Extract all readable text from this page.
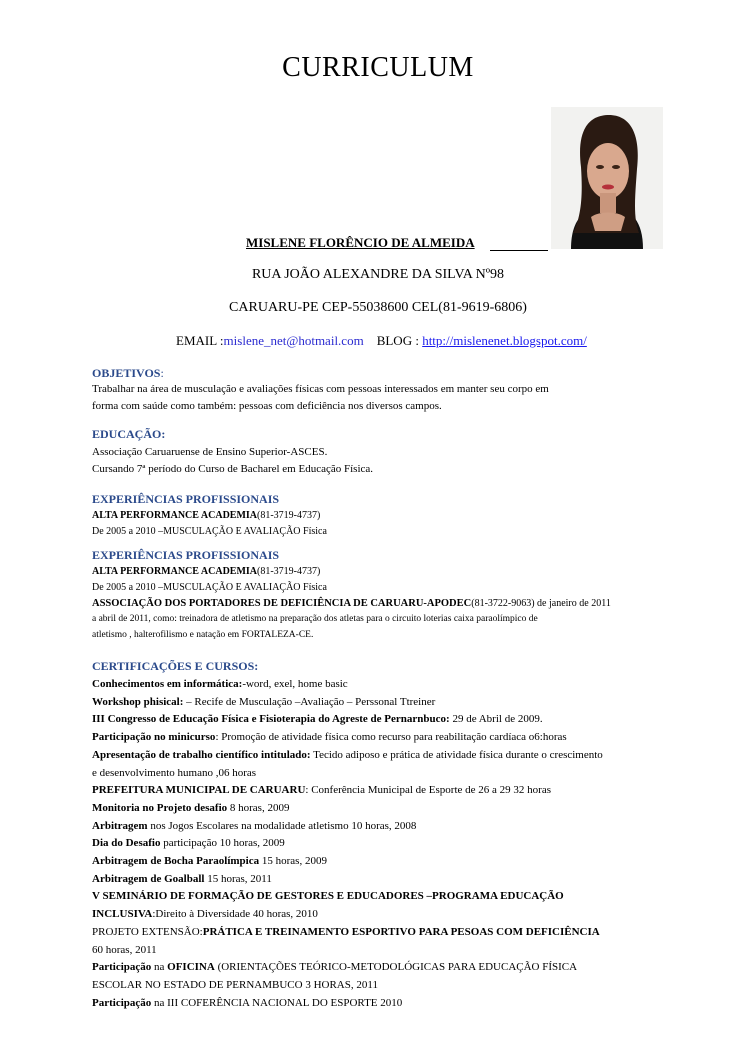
CURRICULUM
MISLENE FLORÊNCIO DE ALMEIDA
RUA JOÃO ALEXANDRE DA SILVA Nº98
CARUARU-PE CEP-55038600 CEL(81-9619-6806)
EMAIL :mislene_net@hotmail.com BLOG : http://mislenenet.blogspot.com/
OBJETIVOS:
Trabalhar na área de musculação e avaliações físicas com pessoas interessados em manter seu corpo em
forma com saúde como também: pessoas com deficiência nos diversos campos.
EDUCAÇÃO:
Associação Caruaruense de Ensino Superior-ASCES.
Cursando 7ª período do Curso de Bacharel em Educação Física.
EXPERIÊNCIAS PROFISSIONAIS
ALTA PERFORMANCE ACADEMIA(81-3719-4737)
De 2005 a 2010 –MUSCULAÇÃO E AVALIAÇÃO Física
EXPERIÊNCIAS PROFISSIONAIS
ALTA PERFORMANCE ACADEMIA(81-3719-4737)
De 2005 a 2010 –MUSCULAÇÃO E AVALIAÇÃO Física
ASSOCIAÇÃO DOS PORTADORES DE DEFICIÊNCIA DE CARUARU-APODEC(81-3722-9063) de janeiro de 2011
a abril de 2011, como: treinadora de atletismo na preparação dos atletas para o circuito loterias caixa paraolímpico de
atletismo , halterofilismo e natação em FORTALEZA-CE.
CERTIFICAÇÕES E CURSOS:
Conhecimentos em informática:-word, exel, home basic
Workshop phisical: – Recife de Musculação –Avaliação – Perssonal Ttreiner
III Congresso de Educação Física e Fisioterapia do Agreste de Pernarnbuco: 29 de Abril de 2009.
Participação no minicurso: Promoção de atividade física como recurso para reabilitação cardíaca o6:horas
Apresentação de trabalho científico intitulado: Tecido adiposo e prática de atividade física durante o crescimento
e desenvolvimento humano ,06 horas
PREFEITURA MUNICIPAL DE CARUARU: Conferência Municipal de Esporte de 26 a 29 32 horas
Monitoria no Projeto desafio 8 horas, 2009
Arbitragem nos Jogos Escolares na modalidade atletismo 10 horas, 2008
Dia do Desafio participação 10 horas, 2009
Arbitragem de Bocha Paraolímpica 15 horas, 2009
Arbitragem de Goalball 15 horas, 2011
V SEMINÁRIO DE FORMAÇÃO DE GESTORES E EDUCADORES –PROGRAMA EDUCAÇÃO
INCLUSIVA:Direito à Diversidade 40 horas, 2010
PROJETO EXTENSÃO:PRÁTICA E TREINAMENTO ESPORTIVO PARA PESOAS COM DEFICIÊNCIA
60 horas, 2011
Participação na OFICINA (ORIENTAÇÕES TEÓRICO-METODOLÓGICAS PARA EDUCAÇÃO FÍSICA
ESCOLAR NO ESTADO DE PERNAMBUCO 3 HORAS, 2011
Participação na III COFERÊNCIA NACIONAL DO ESPORTE 2010
